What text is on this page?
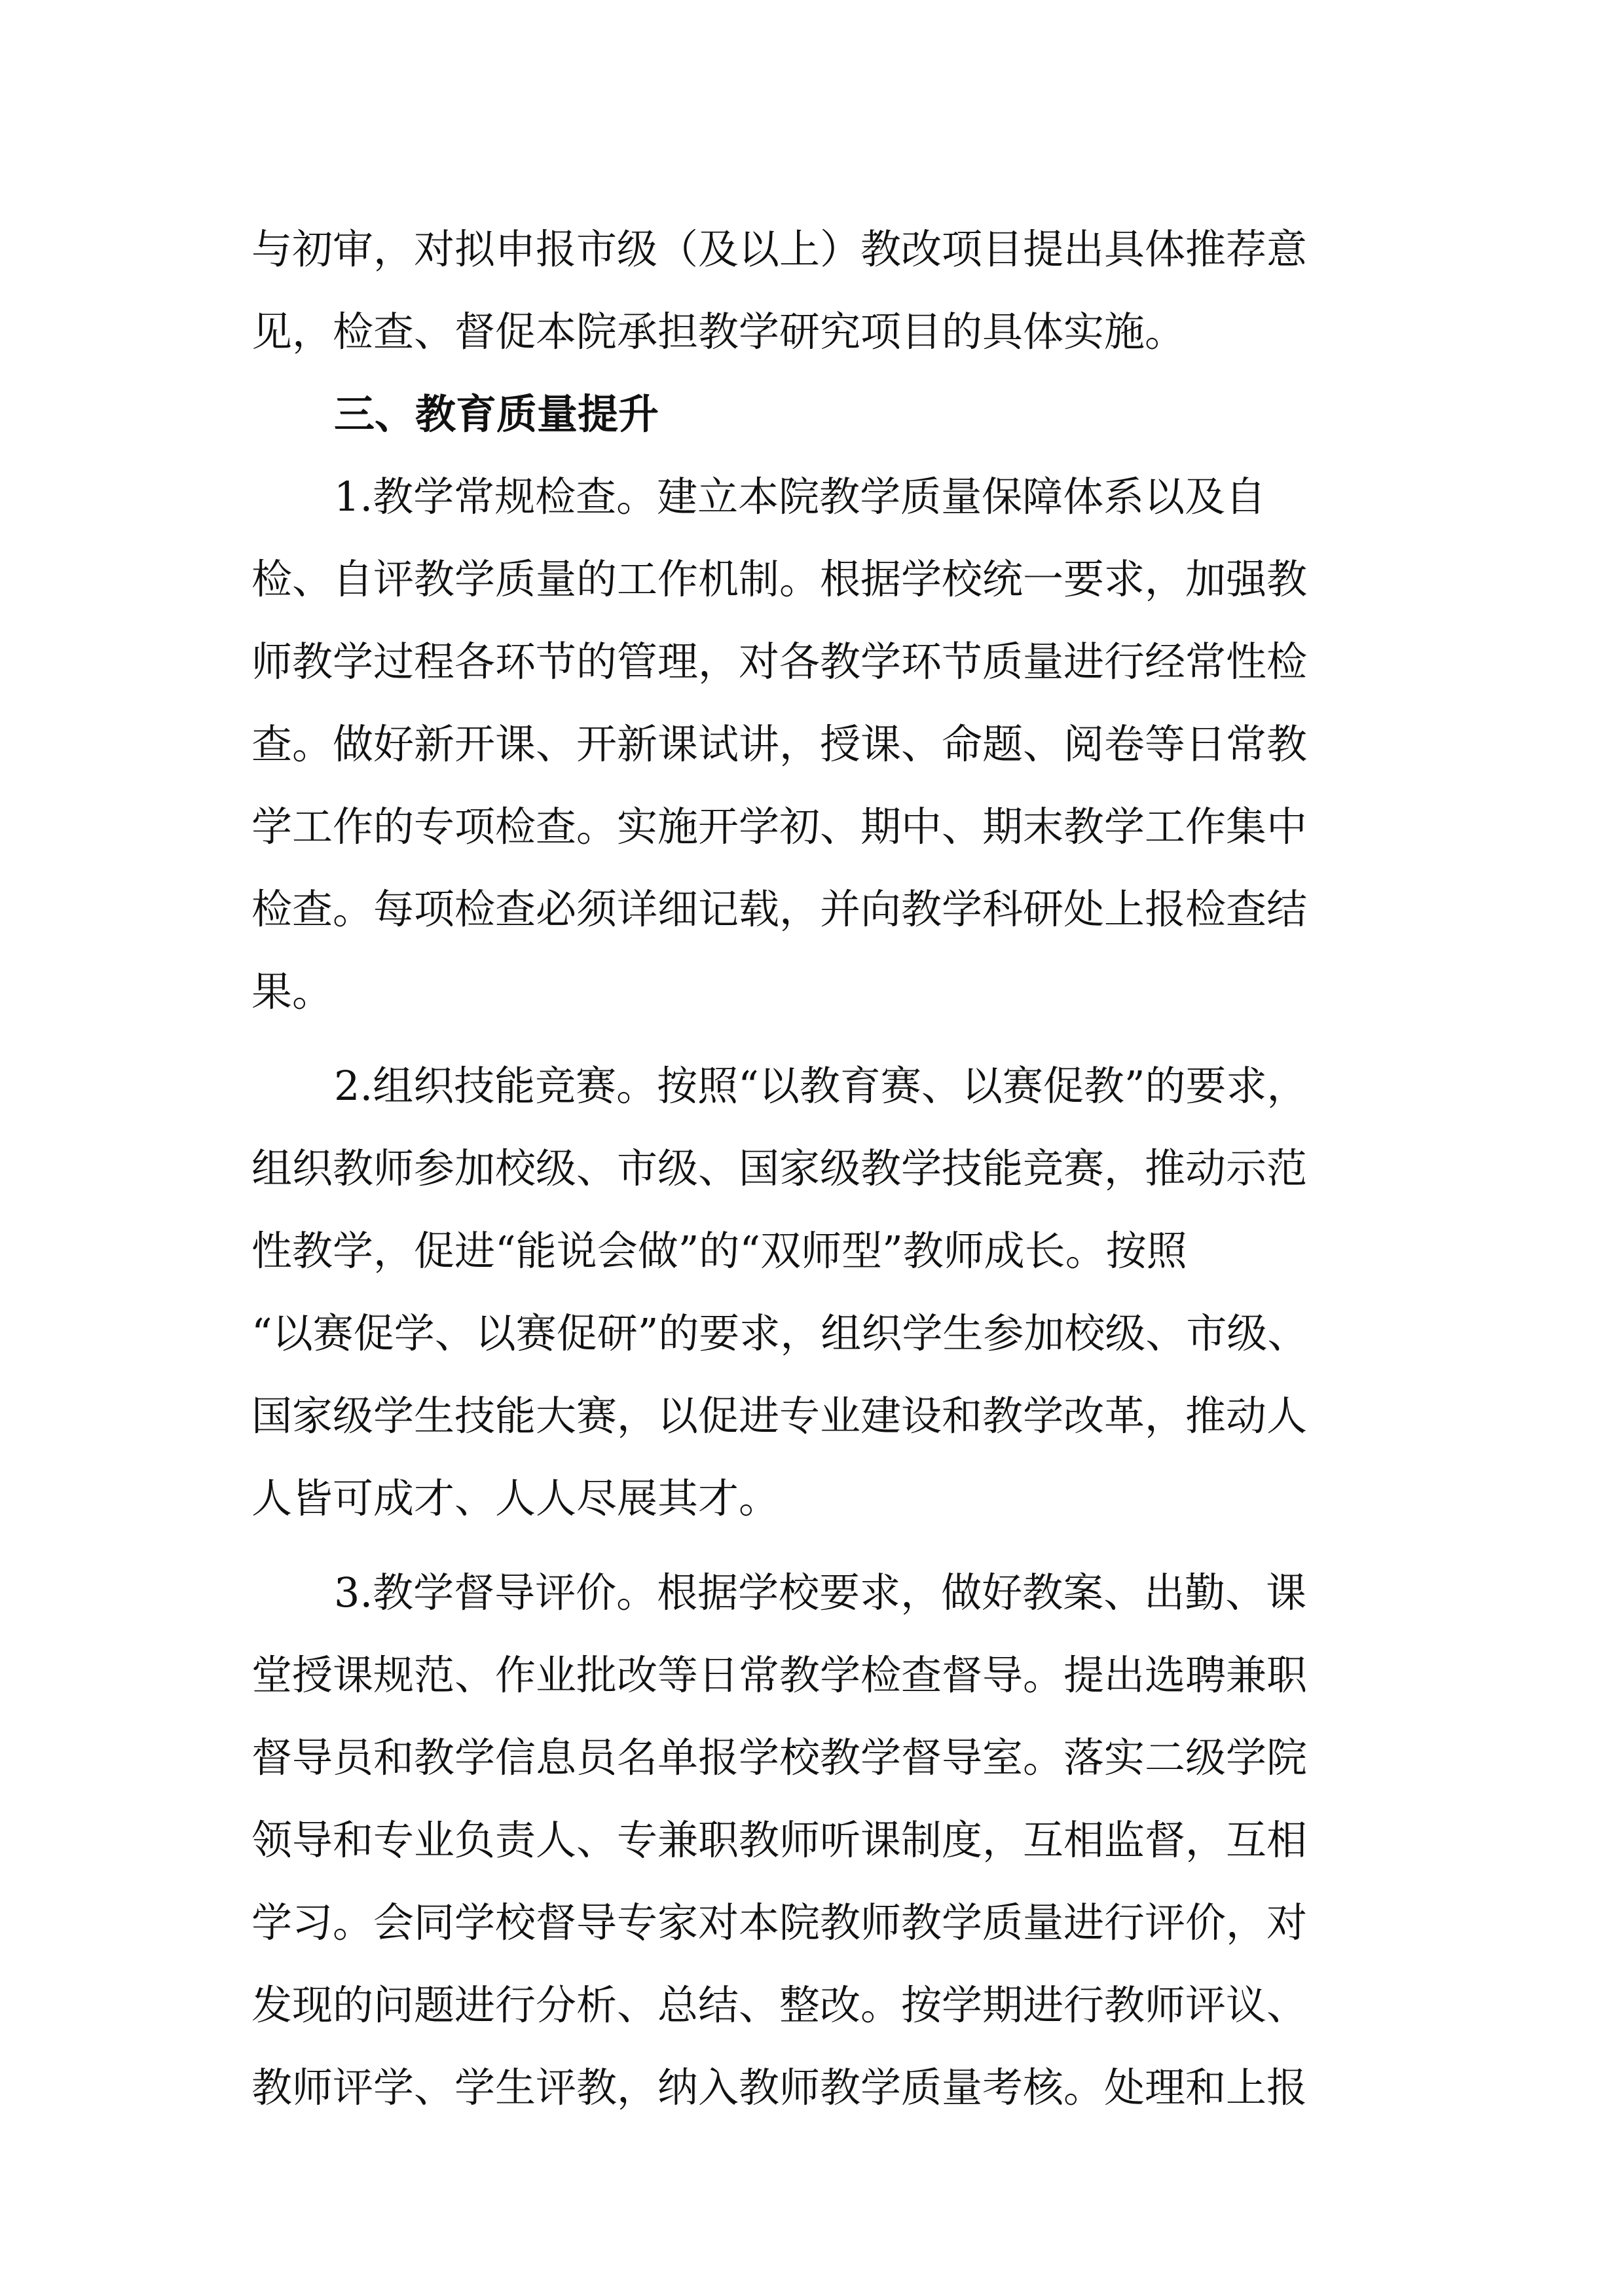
与初审，对拟申报市级（及以上）教改项目提出具体推荐意
见，检查、督促本院承担教学研究项目的具体实施。
三、教育质量提升
1.教学常规检查。建立本院教学质量保障体系以及自
检、自评教学质量的工作机制。根据学校统一要求，加强教
师教学过程各环节的管理，对各教学环节质量进行经常性检
查。做好新开课、开新课试讲，授课、命题、阅卷等日常教
学工作的专项检查。实施开学初、期中、期末教学工作集中
检查。每项检查必须详细记载，并向教学科研处上报检查结
果。
2.组织技能竞赛。按照“以教育赛、以赛促教”的要求，
组织教师参加校级、市级、国家级教学技能竞赛，推动示范
性教学，促进“能说会做”的“双师型”教师成长。按照
“以赛促学、以赛促研”的要求，组织学生参加校级、市级、
国家级学生技能大赛，以促进专业建设和教学改革，推动人
人皆可成才、人人尽展其才。
3.教学督导评价。根据学校要求，做好教案、出勤、课
堂授课规范、作业批改等日常教学检查督导。提出选聘兼职
督导员和教学信息员名单报学校教学督导室。落实二级学院
领导和专业负责人、专兼职教师听课制度，互相监督，互相
学习。会同学校督导专家对本院教师教学质量进行评价，对
发现的问题进行分析、总结、整改。按学期进行教师评议、
教师评学、学生评教，纳入教师教学质量考核。处理和上报
